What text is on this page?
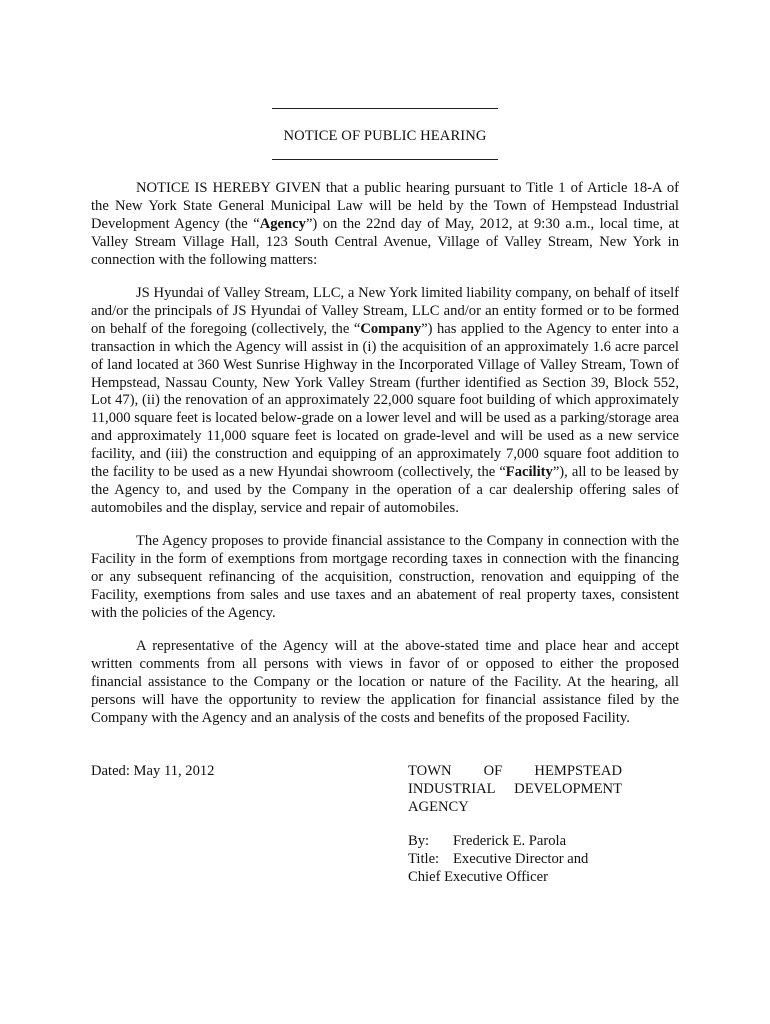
NOTICE OF PUBLIC HEARING

NOTICE IS HEREBY GIVEN that a public hearing pursuant to Title 1 of Article 18-A of the New York State General Municipal Law will be held by the Town of Hempstead Industrial Development Agency (the “Agency”) on the 22nd day of May, 2012, at 9:30 a.m., local time, at Valley Stream Village Hall, 123 South Central Avenue, Village of Valley Stream, New York in connection with the following matters:

JS Hyundai of Valley Stream, LLC, a New York limited liability company, on behalf of itself and/or the principals of JS Hyundai of Valley Stream, LLC and/or an entity formed or to be formed on behalf of the foregoing (collectively, the “Company”) has applied to the Agency to enter into a transaction in which the Agency will assist in (i) the acquisition of an approximately 1.6 acre parcel of land located at 360 West Sunrise Highway in the Incorporated Village of Valley Stream, Town of Hempstead, Nassau County, New York Valley Stream (further identified as Section 39, Block 552, Lot 47), (ii) the renovation of an approximately 22,000 square foot building of which approximately 11,000 square feet is located below-grade on a lower level and will be used as a parking/storage area and approximately 11,000 square feet is located on grade-level and will be used as a new service facility, and (iii) the construction and equipping of an approximately 7,000 square foot addition to the facility to be used as a new Hyundai showroom (collectively, the “Facility”), all to be leased by the Agency to, and used by the Company in the operation of a car dealership offering sales of automobiles and the display, service and repair of automobiles.

The Agency proposes to provide financial assistance to the Company in connection with the Facility in the form of exemptions from mortgage recording taxes in connection with the financing or any subsequent refinancing of the acquisition, construction, renovation and equipping of the Facility, exemptions from sales and use taxes and an abatement of real property taxes, consistent with the policies of the Agency.

A representative of the Agency will at the above-stated time and place hear and accept written comments from all persons with views in favor of or opposed to either the proposed financial assistance to the Company or the location or nature of the Facility. At the hearing, all persons will have the opportunity to review the application for financial assistance filed by the Company with the Agency and an analysis of the costs and benefits of the proposed Facility.

Dated: May 11, 2012	TOWN OF HEMPSTEAD INDUSTRIAL DEVELOPMENT AGENCY
By: Frederick E. Parola
Title: Executive Director and
Chief Executive Officer
